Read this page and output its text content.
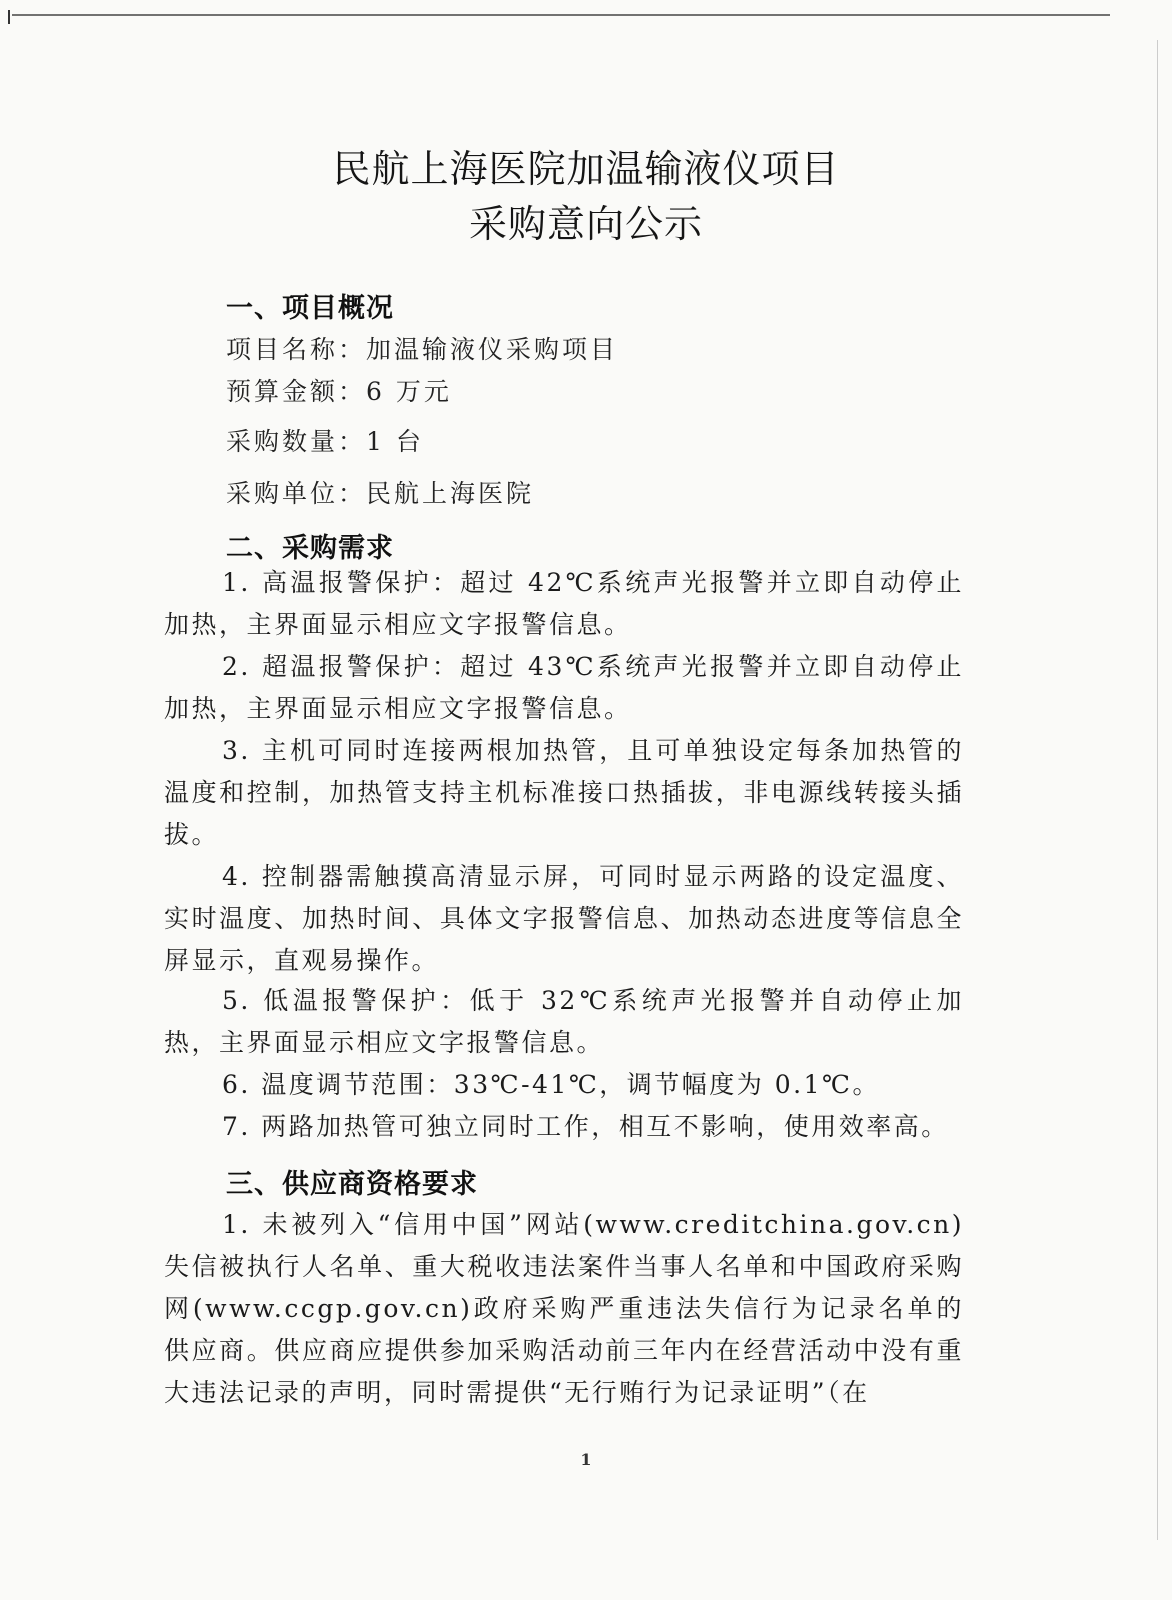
民航上海医院加温输液仪项目
采购意向公示
一、项目概况
项目名称：加温输液仪采购项目
预算金额：6 万元
采购数量：1 台
采购单位：民航上海医院
二、采购需求
1. 高温报警保护：超过 42℃系统声光报警并立即自动停止加热，主界面显示相应文字报警信息。
2. 超温报警保护：超过 43℃系统声光报警并立即自动停止加热，主界面显示相应文字报警信息。
3. 主机可同时连接两根加热管，且可单独设定每条加热管的温度和控制，加热管支持主机标准接口热插拔，非电源线转接头插拔。
4. 控制器需触摸高清显示屏，可同时显示两路的设定温度、实时温度、加热时间、具体文字报警信息、加热动态进度等信息全屏显示，直观易操作。
5. 低温报警保护：低于 32℃系统声光报警并自动停止加热，主界面显示相应文字报警信息。
6. 温度调节范围：33℃-41℃，调节幅度为 0.1℃。
7. 两路加热管可独立同时工作，相互不影响，使用效率高。
三、供应商资格要求
1. 未被列入“信用中国”网站(www.creditchina.gov.cn)失信被执行人名单、重大税收违法案件当事人名单和中国政府采购网(www.ccgp.gov.cn)政府采购严重违法失信行为记录名单的供应商。供应商应提供参加采购活动前三年内在经营活动中没有重大违法记录的声明，同时需提供“无行贿行为记录证明”（在
1
